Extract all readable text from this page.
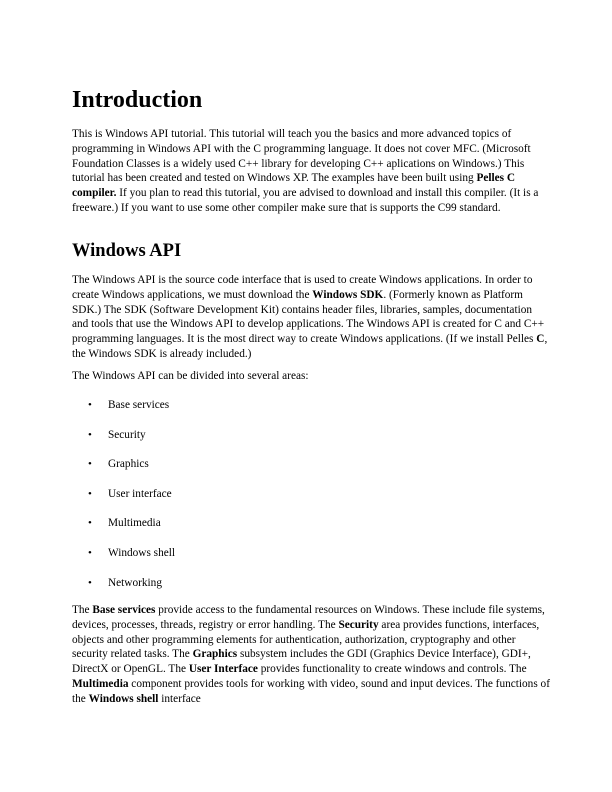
Introduction

This is Windows API tutorial. This tutorial will teach you the basics and more advanced topics of programming in Windows API with the C programming language. It does not cover MFC. (Microsoft Foundation Classes is a widely used C++ library for developing C++ aplications on Windows.) This tutorial has been created and tested on Windows XP. The examples have been built using Pelles C compiler. If you plan to read this tutorial, you are advised to download and install this compiler. (It is a freeware.) If you want to use some other compiler make sure that is supports the C99 standard.

Windows API

The Windows API is the source code interface that is used to create Windows applications. In order to create Windows applications, we must download the Windows SDK. (Formerly known as Platform SDK.) The SDK (Software Development Kit) contains header files, libraries, samples, documentation and tools that use the Windows API to develop applications. The Windows API is created for C and C++ programming languages. It is the most direct way to create Windows applications. (If we install Pelles C, the Windows SDK is already included.)

The Windows API can be divided into several areas:

• Base services
• Security
• Graphics
• User interface
• Multimedia
• Windows shell
• Networking

The Base services provide access to the fundamental resources on Windows. These include file systems, devices, processes, threads, registry or error handling. The Security area provides functions, interfaces, objects and other programming elements for authentication, authorization, cryptography and other security related tasks. The Graphics subsystem includes the GDI (Graphics Device Interface), GDI+, DirectX or OpenGL. The User Interface provides functionality to create windows and controls. The Multimedia component provides tools for working with video, sound and input devices. The functions of the Windows shell interface
